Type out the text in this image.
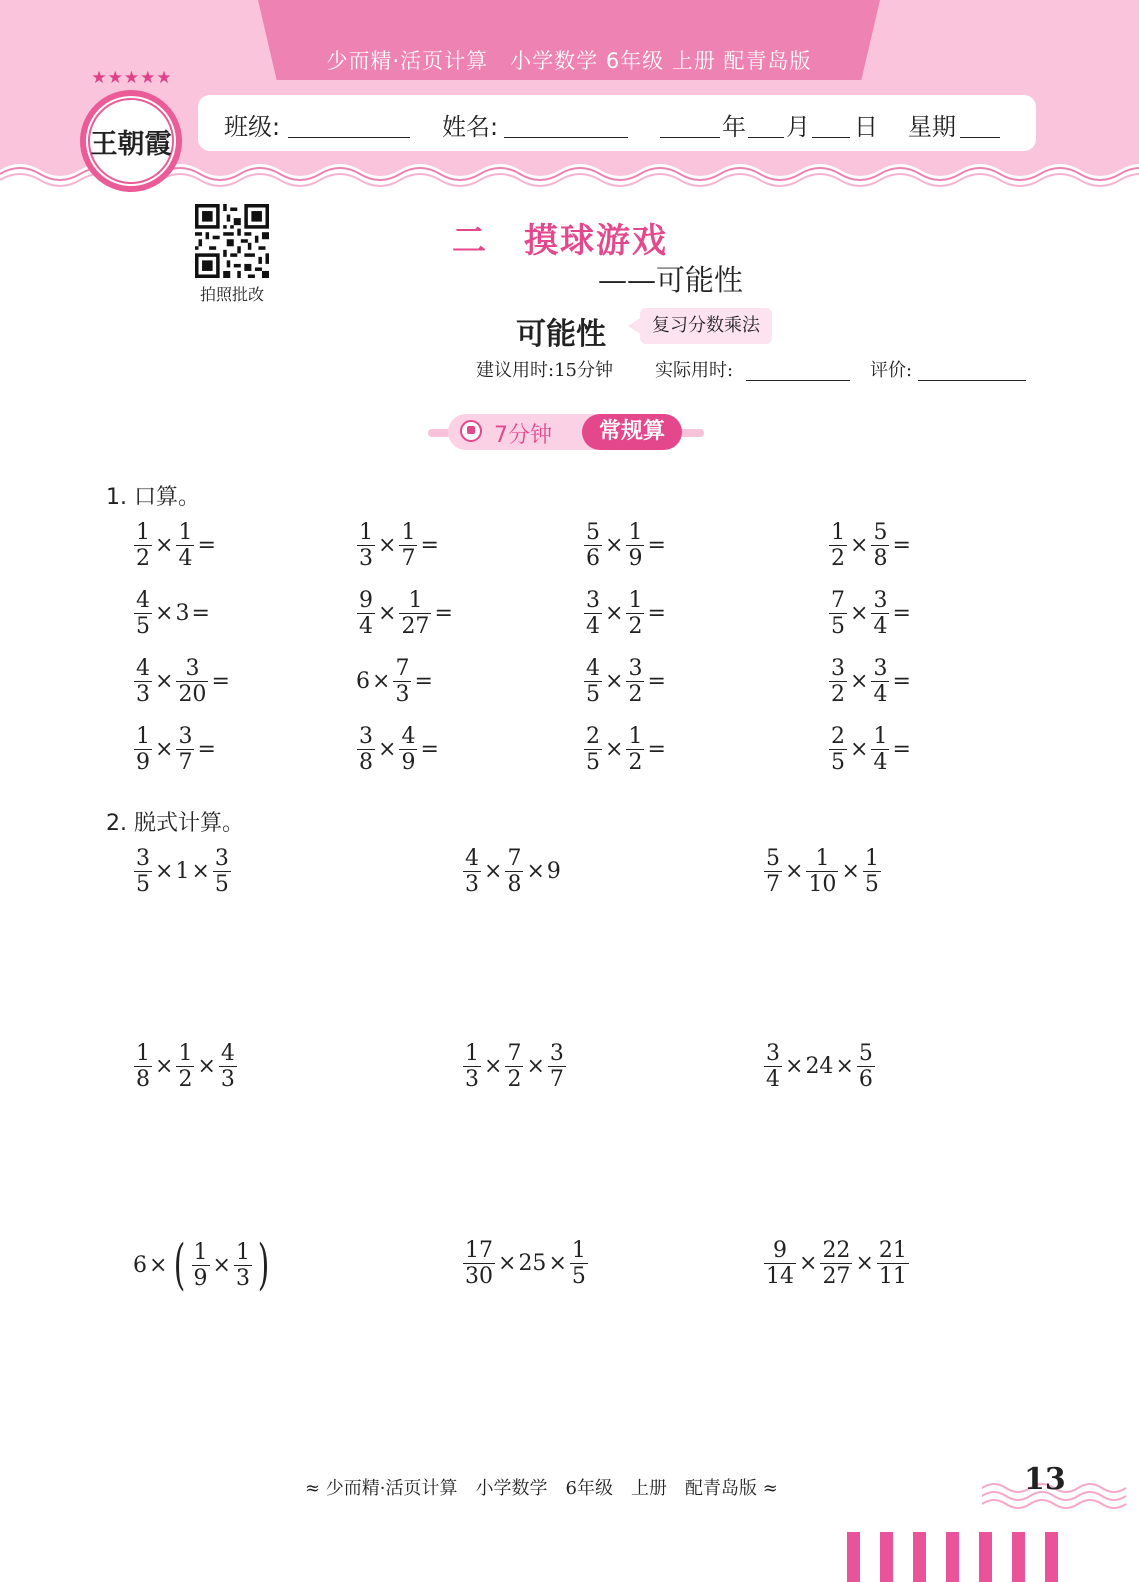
少而精·活页计算　小学数学 6年级 上册 配青岛版
班级:	姓名:	年 月 日 星期
★★★★★
王朝霞
拍照批改
二　摸球游戏
——可能性
可能性	复习分数乘法
建议用时:15分钟 实际用时:	评价:
7分钟	常规算
1. 口算。
$\frac{1}{2} \times \frac{1}{4}$ =	$\frac{1}{3} \times \frac{1}{7}$ =	$\frac{5}{6} \times \frac{1}{9}$ =	$\frac{1}{2} \times \frac{5}{8}$ =
$\frac{4}{5} \times 3$ =	$\frac{9}{4} \times \frac{1}{27}$ =	$\frac{3}{4} \times \frac{1}{2}$ =	$\frac{7}{5} \times \frac{3}{4}$ =
$\frac{4}{3} \times \frac{3}{20}$ =	$6 \times \frac{7}{3}$ =	$\frac{4}{5} \times \frac{3}{2}$ =	$\frac{3}{2} \times \frac{3}{4}$ =
$\frac{1}{9} \times \frac{3}{7}$ =	$\frac{3}{8} \times \frac{4}{9}$ =	$\frac{2}{5} \times \frac{1}{2}$ =	$\frac{2}{5} \times \frac{1}{4}$ =
2. 脱式计算。
$\frac{3}{5} \times 1 \times \frac{3}{5}$	$\frac{4}{3} \times \frac{7}{8} \times 9$	$\frac{5}{7} \times \frac{1}{10} \times \frac{1}{5}$
$\frac{1}{8} \times \frac{1}{2} \times \frac{4}{3}$	$\frac{1}{3} \times \frac{7}{2} \times \frac{3}{7}$	$\frac{3}{4} \times 24 \times \frac{5}{6}$
6 × ( $\frac{1}{9} \times \frac{1}{3}$ )	$\frac{17}{30} \times 25 \times \frac{1}{5}$	$\frac{9}{14} \times \frac{22}{27} \times \frac{21}{11}$
≈ 少而精·活页计算　小学数学　6年级　上册　配青岛版 ≈	13
